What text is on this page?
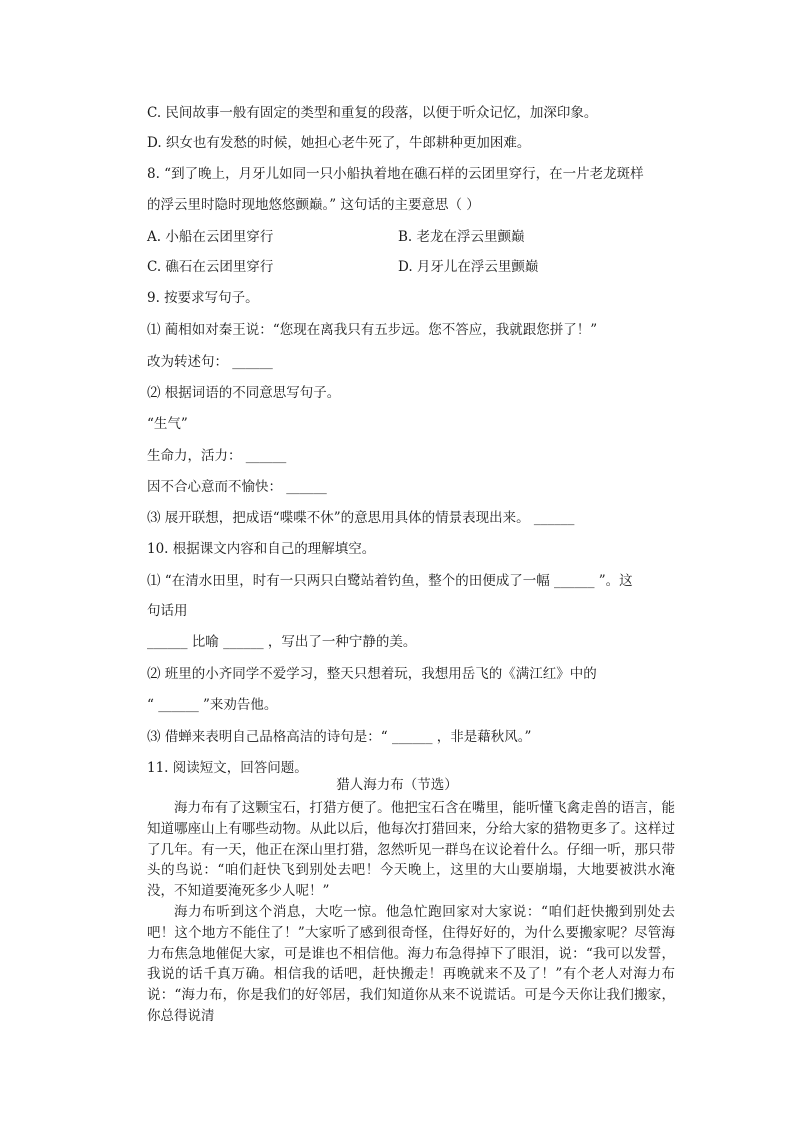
C. 民间故事一般有固定的类型和重复的段落，以便于听众记忆，加深印象。
D. 织女也有发愁的时候，她担心老牛死了，牛郎耕种更加困难。
8. “到了晚上，月牙儿如同一只小船执着地在礁石样的云团里穿行，在一片老龙斑样
的浮云里时隐时现地悠悠颤巅。” 这句话的主要意思（ ）
A. 小船在云团里穿行	B. 老龙在浮云里颤巅
C. 礁石在云团里穿行	D. 月牙儿在浮云里颤巅
9. 按要求写句子。
⑴ 蔺相如对秦王说：“您现在离我只有五步远。您不答应，我就跟您拼了！”
改为转述句： ______
⑵ 根据词语的不同意思写句子。
“生气”
生命力，活力： ______
因不合心意而不愉快： ______
⑶ 展开联想，把成语“喋喋不休”的意思用具体的情景表现出来。 ______
10. 根据课文内容和自己的理解填空。
⑴ “在清水田里，时有一只两只白鹭站着钓鱼，整个的田便成了一幅 ______ ”。这
句话用
______ 比喻 ______ ，写出了一种宁静的美。
⑵ 班里的小齐同学不爱学习，整天只想着玩，我想用岳飞的《满江红》中的
“ ______ ”来劝告他。
⑶ 借蝉来表明自己品格高洁的诗句是：“ ______ ，非是藉秋风。”
11. 阅读短文，回答问题。
猎人海力布（节选）
海力布有了这颗宝石，打猎方便了。他把宝石含在嘴里，能听懂飞禽走兽的语言，能知道哪座山上有哪些动物。从此以后，他每次打猎回来，分给大家的猎物更多了。这样过了几年。有一天，他正在深山里打猎，忽然听见一群鸟在议论着什么。仔细一听，那只带头的鸟说：“咱们赶快飞到别处去吧！今天晚上，这里的大山要崩塌，大地要被洪水淹没，不知道要淹死多少人呢！”
海力布听到这个消息，大吃一惊。他急忙跑回家对大家说：“咱们赶快搬到别处去吧！这个地方不能住了！”大家听了感到很奇怪，住得好好的，为什么要搬家呢？尽管海力布焦急地催促大家，可是谁也不相信他。海力布急得掉下了眼泪，说：“我可以发誓，我说的话千真万确。相信我的话吧，赶快搬走！再晚就来不及了！”有个老人对海力布说：“海力布，你是我们的好邻居，我们知道你从来不说谎话。可是今天你让我们搬家，你总得说清
